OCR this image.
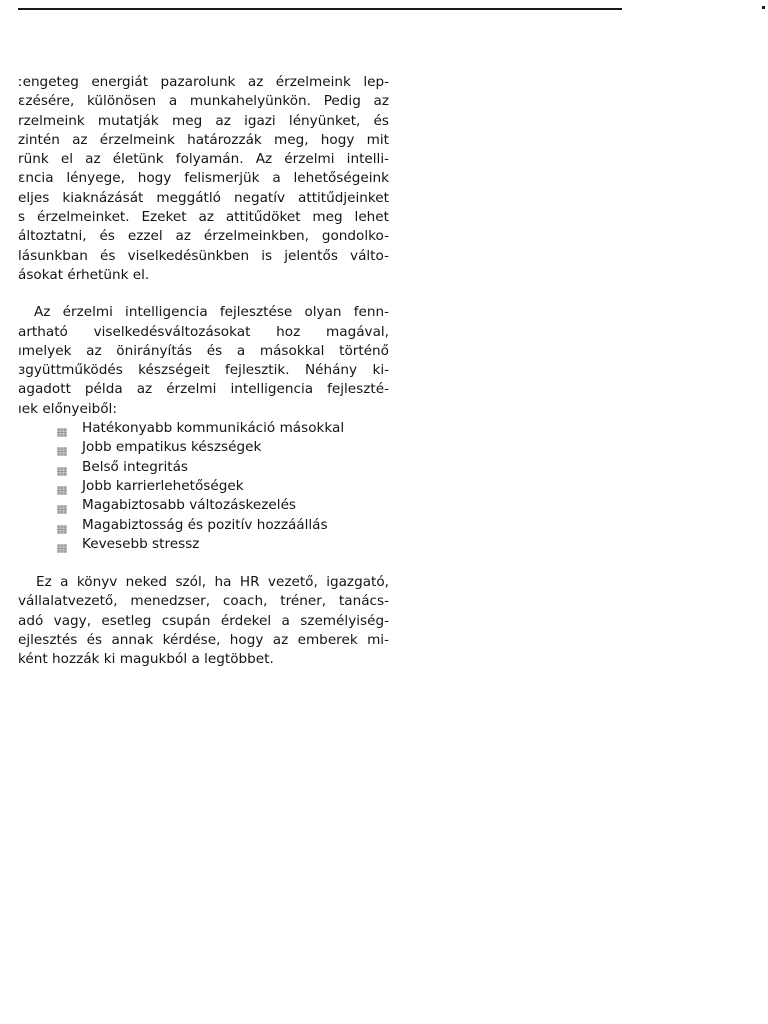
ːengeteg energiát pazarolunk az érzelmeink lep-
ɛzésére, különösen a munkahelyünkön. Pedig az
rzelmeink mutatják meg az igazi lényünket, és
zintén az érzelmeink határozzák meg, hogy mit
rünk el az életünk folyamán. Az érzelmi intelli-
ɛncia lényege, hogy felismerjük a lehetőségeink
eljes kiaknázását meggátló negatív attitűdjeinket
s érzelmeinket. Ezeket az attitűdöket meg lehet
áltoztatni, és ezzel az érzelmeinkben, gondolko-
lásunkban és viselkedésünkben is jelentős válto-
ásokat érhetünk el.

Az érzelmi intelligencia fejlesztése olyan fenn-
artható viselkedésváltozásokat hoz magával,
ımelyek az önirányítás és a másokkal történő
ɜgyüttműködés készségeit fejlesztik. Néhány ki-
agadott példa az érzelmi intelligencia fejleszté-
ıek előnyeiből:

Hatékonyabb kommunikáció másokkal
Jobb empatikus készségek
Belső integritás
Jobb karrierlehetőségek
Magabiztosabb változáskezelés
Magabiztosság és pozitív hozzáállás
Kevesebb stressz

Ez a könyv neked szól, ha HR vezető, igazgató,
vállalatvezető, menedzser, coach, tréner, tanács-
adó vagy, esetleg csupán érdekel a személyiség-
ejlesztés és annak kérdése, hogy az emberek mi-
ként hozzák ki magukból a legtöbbet.
